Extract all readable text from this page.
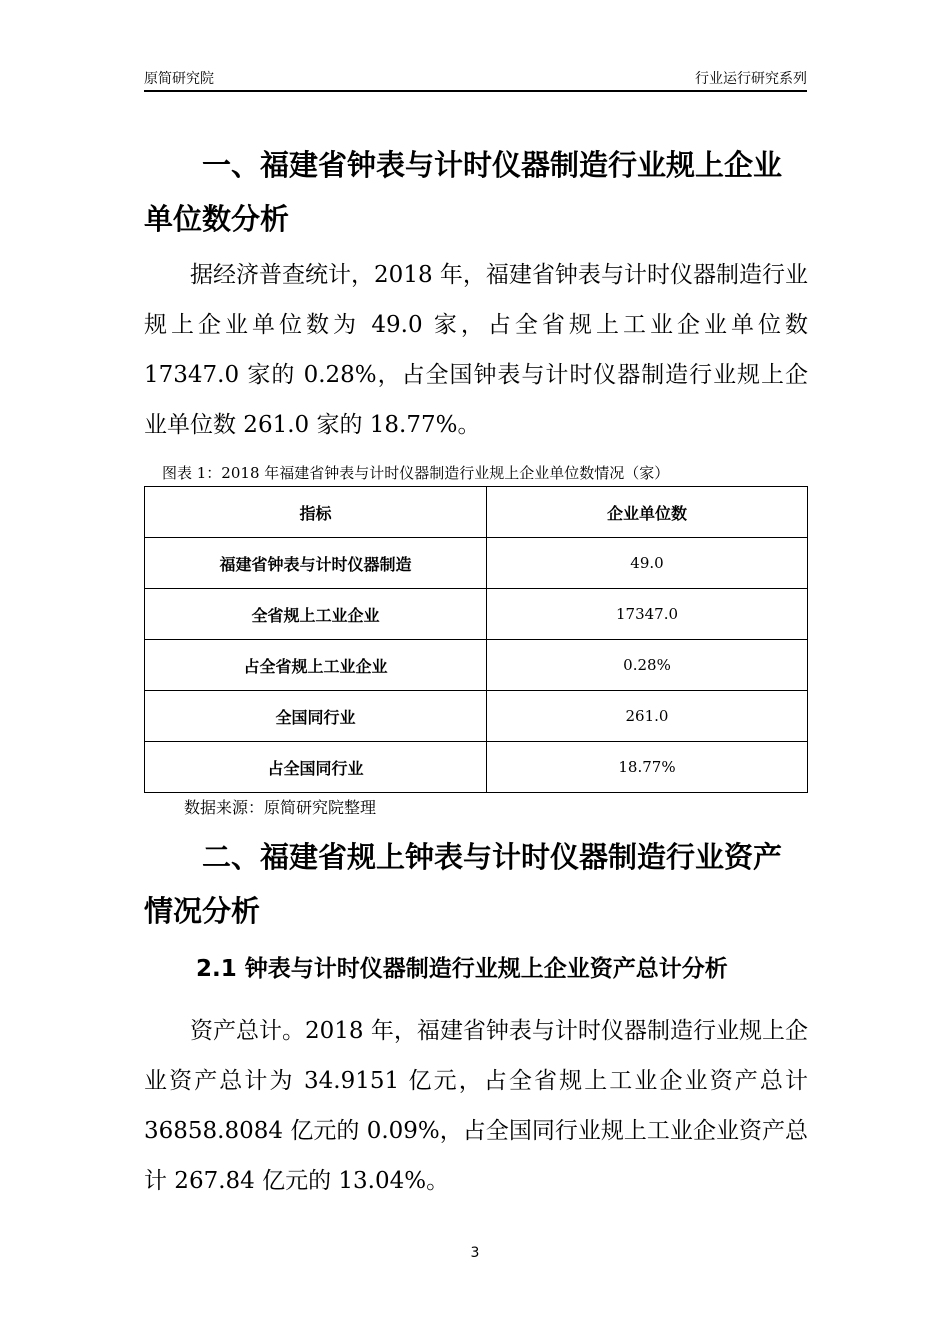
原简研究院	行业运行研究系列
一、福建省钟表与计时仪器制造行业规上企业单位数分析

据经济普查统计，2018 年，福建省钟表与计时仪器制造行业规上企业单位数为 49.0 家，占全省规上工业企业单位数 17347.0 家的 0.28%，占全国钟表与计时仪器制造行业规上企业单位数 261.0 家的 18.77%。

图表 1：2018 年福建省钟表与计时仪器制造行业规上企业单位数情况（家）

指标	企业单位数
福建省钟表与计时仪器制造	49.0
全省规上工业企业	17347.0
占全省规上工业企业	0.28%
全国同行业	261.0
占全国同行业	18.77%

数据来源：原简研究院整理

二、福建省规上钟表与计时仪器制造行业资产情况分析
2.1 钟表与计时仪器制造行业规上企业资产总计分析

资产总计。2018 年，福建省钟表与计时仪器制造行业规上企业资产总计为 34.9151 亿元，占全省规上工业企业资产总计 36858.8084 亿元的 0.09%，占全国同行业规上工业企业资产总计 267.84 亿元的 13.04%。

3
